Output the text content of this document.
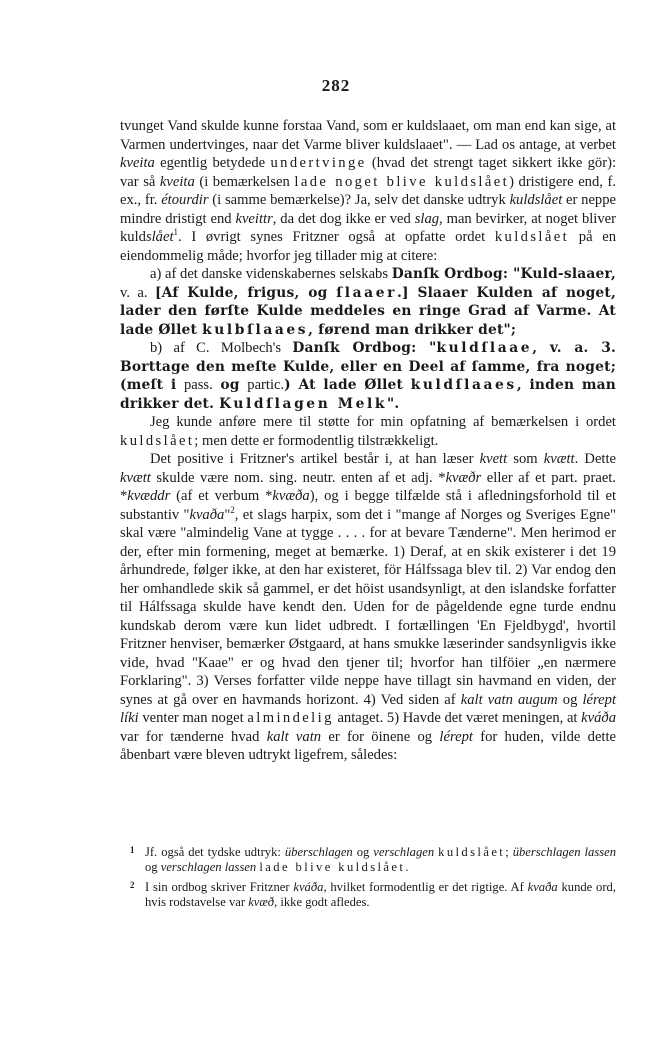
282

tvunget Vand skulde kunne forstaa Vand, som er kuldslaaet, om man end kan sige, at Varmen undertvinges, naar det Varme bliver kuldslaaet". — Lad os antage, at verbet kveita egentlig betydede undertvinge (hvad det strengt taget sikkert ikke gör): var så kveita (i bemærkelsen lade noget blive kuldslået) dristigere end, f. ex., fr. étourdir (i samme bemærkelse)? Ja, selv det danske udtryk kuldslået er neppe mindre dristigt end kveittr, da det dog ikke er ved slag, man bevirker, at noget bliver kuldslået$^1$. I øvrigt synes Fritzner også at opfatte ordet kuldslået på en eiendommelig måde; hvorfor jeg tillader mig at citere:

a) af det danske videnskabernes selskabs Danſk Ordbog: "Kuld-slaaer, v. a. [Af Kulde, frigus, og ſlaaer.] Slaaer Kulden af noget, lader den førſte Kulde meddeles en ringe Grad af Varme. At lade Øllet kulbſlaaes, førend man drikker det";

b) af C. Molbech's Danſk Ordbog: "kuldſlaae, v. a. 3. Borttage den meſte Kulde, eller en Deel af ſamme, fra noget; (meſt i pass. og partic.) At lade Øllet kuldſlaaes, inden man drikker det. Kuldſlagen Melk".

Jeg kunde anføre mere til støtte for min opfatning af bemærkelsen i ordet kuldslået; men dette er formodentlig tilstrækkeligt.

Det positive i Fritzner's artikel består i, at han læser kvett som kvætt. Dette kvætt skulde være nom. sing. neutr. enten af et adj. *kvæðr eller af et part. praet. *kvæddr (af et verbum *kvæða), og i begge tilfælde stå i afledningsforhold til et substantiv "kvaða"$^2$, et slags harpix, som det i "mange af Norges og Sveriges Egne" skal være "almindelig Vane at tygge . . . . for at bevare Tænderne". Men herimod er der, efter min formening, meget at bemærke. 1) Deraf, at en skik existerer i det 19 århundrede, følger ikke, at den har existeret, för Hálfssaga blev til. 2) Var endog den her omhandlede skik så gammel, er det höist usandsynligt, at den islandske forfatter til Hálfssaga skulde have kendt den. Uden for de pågeldende egne turde endnu kundskab derom være kun lidet udbredt. I fortællingen 'En Fjeldbygd', hvortil Fritzner henviser, bemærker Østgaard, at hans smukke læserinder sandsynligvis ikke vide, hvad "Kaae" er og hvad den tjener til; hvorfor han tilföier „en nærmere Forklaring". 3) Verses forfatter vilde neppe have tillagt sin havmand en viden, der synes at gå over en havmands horizont. 4) Ved siden af kalt vatn augum og lérept líki venter man noget almindelig antaget. 5) Havde det været meningen, at kváða var for tænderne hvad kalt vatn er for öinene og lérept for huden, vilde dette åbenbart være bleven udtrykt ligefrem, således:

1 Jf. også det tydske udtryk: überschlagen og verschlagen kuldslået; überschlagen lassen og verschlagen lassen lade blive kuldslået.
2 I sin ordbog skriver Fritzner kváða, hvilket formodentlig er det rigtige. Af kvaða kunde ord, hvis rodstavelse var kvæð, ikke godt afledes.
